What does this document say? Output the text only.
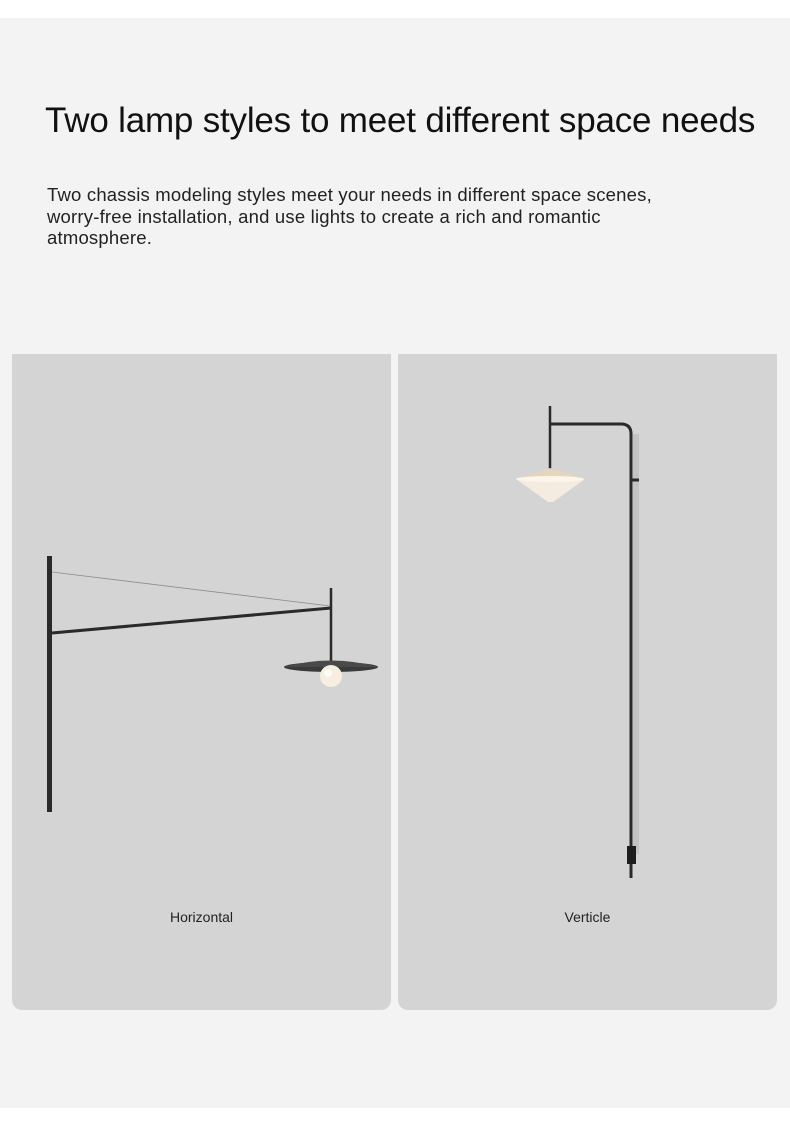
Two lamp styles to meet different space needs

Two chassis modeling styles meet your needs in different space scenes, worry-free installation, and use lights to create a rich and romantic atmosphere.

Horizontal	Verticle
